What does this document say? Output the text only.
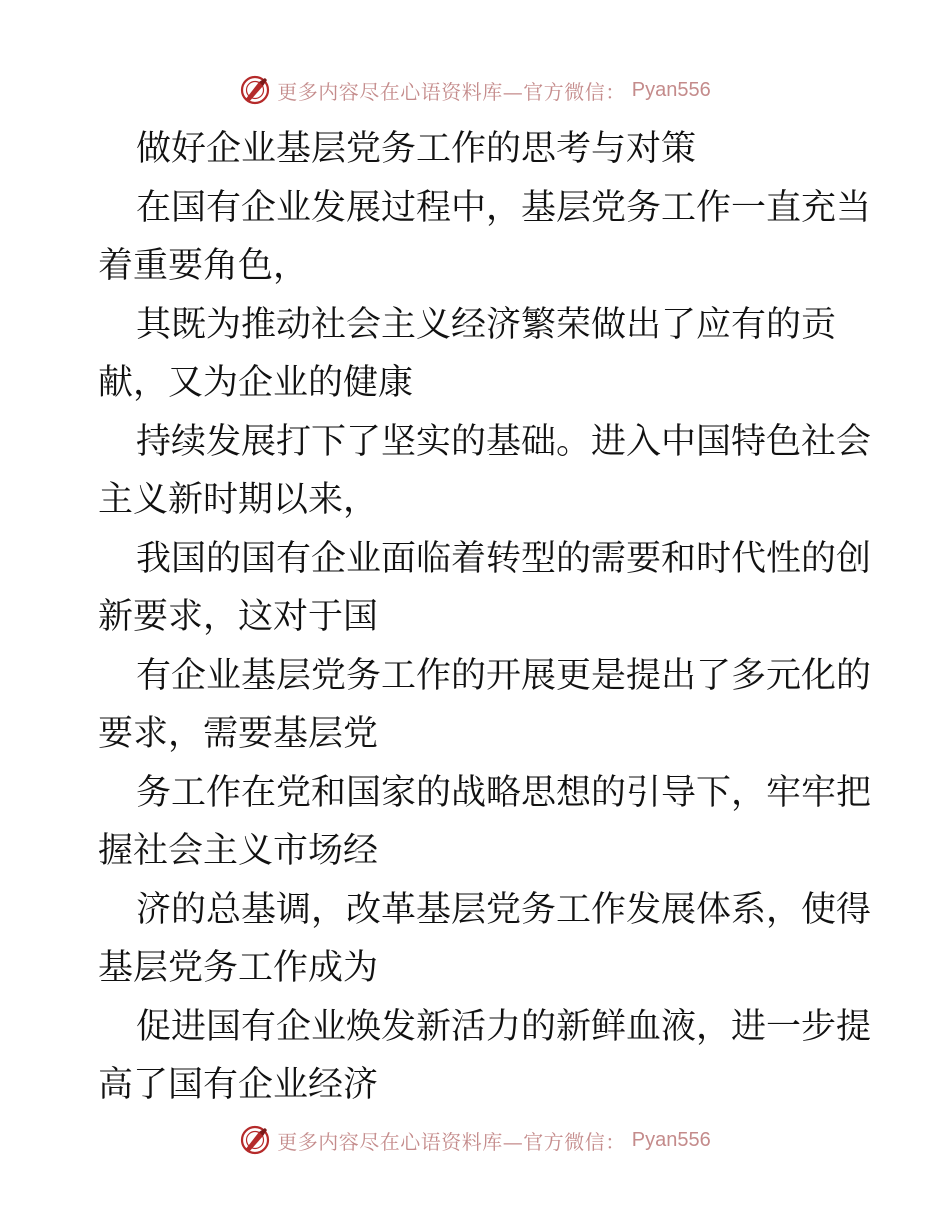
更多内容尽在心语资料库—官方微信： Pyan556
做好企业基层党务工作的思考与对策
在国有企业发展过程中，基层党务工作一直充当
着重要角色，
其既为推动社会主义经济繁荣做出了应有的贡
献，又为企业的健康
持续发展打下了坚实的基础。进入中国特色社会
主义新时期以来，
我国的国有企业面临着转型的需要和时代性的创
新要求，这对于国
有企业基层党务工作的开展更是提出了多元化的
要求，需要基层党
务工作在党和国家的战略思想的引导下，牢牢把
握社会主义市场经
济的总基调，改革基层党务工作发展体系，使得
基层党务工作成为
促进国有企业焕发新活力的新鲜血液，进一步提
高了国有企业经济
更多内容尽在心语资料库—官方微信： Pyan556
